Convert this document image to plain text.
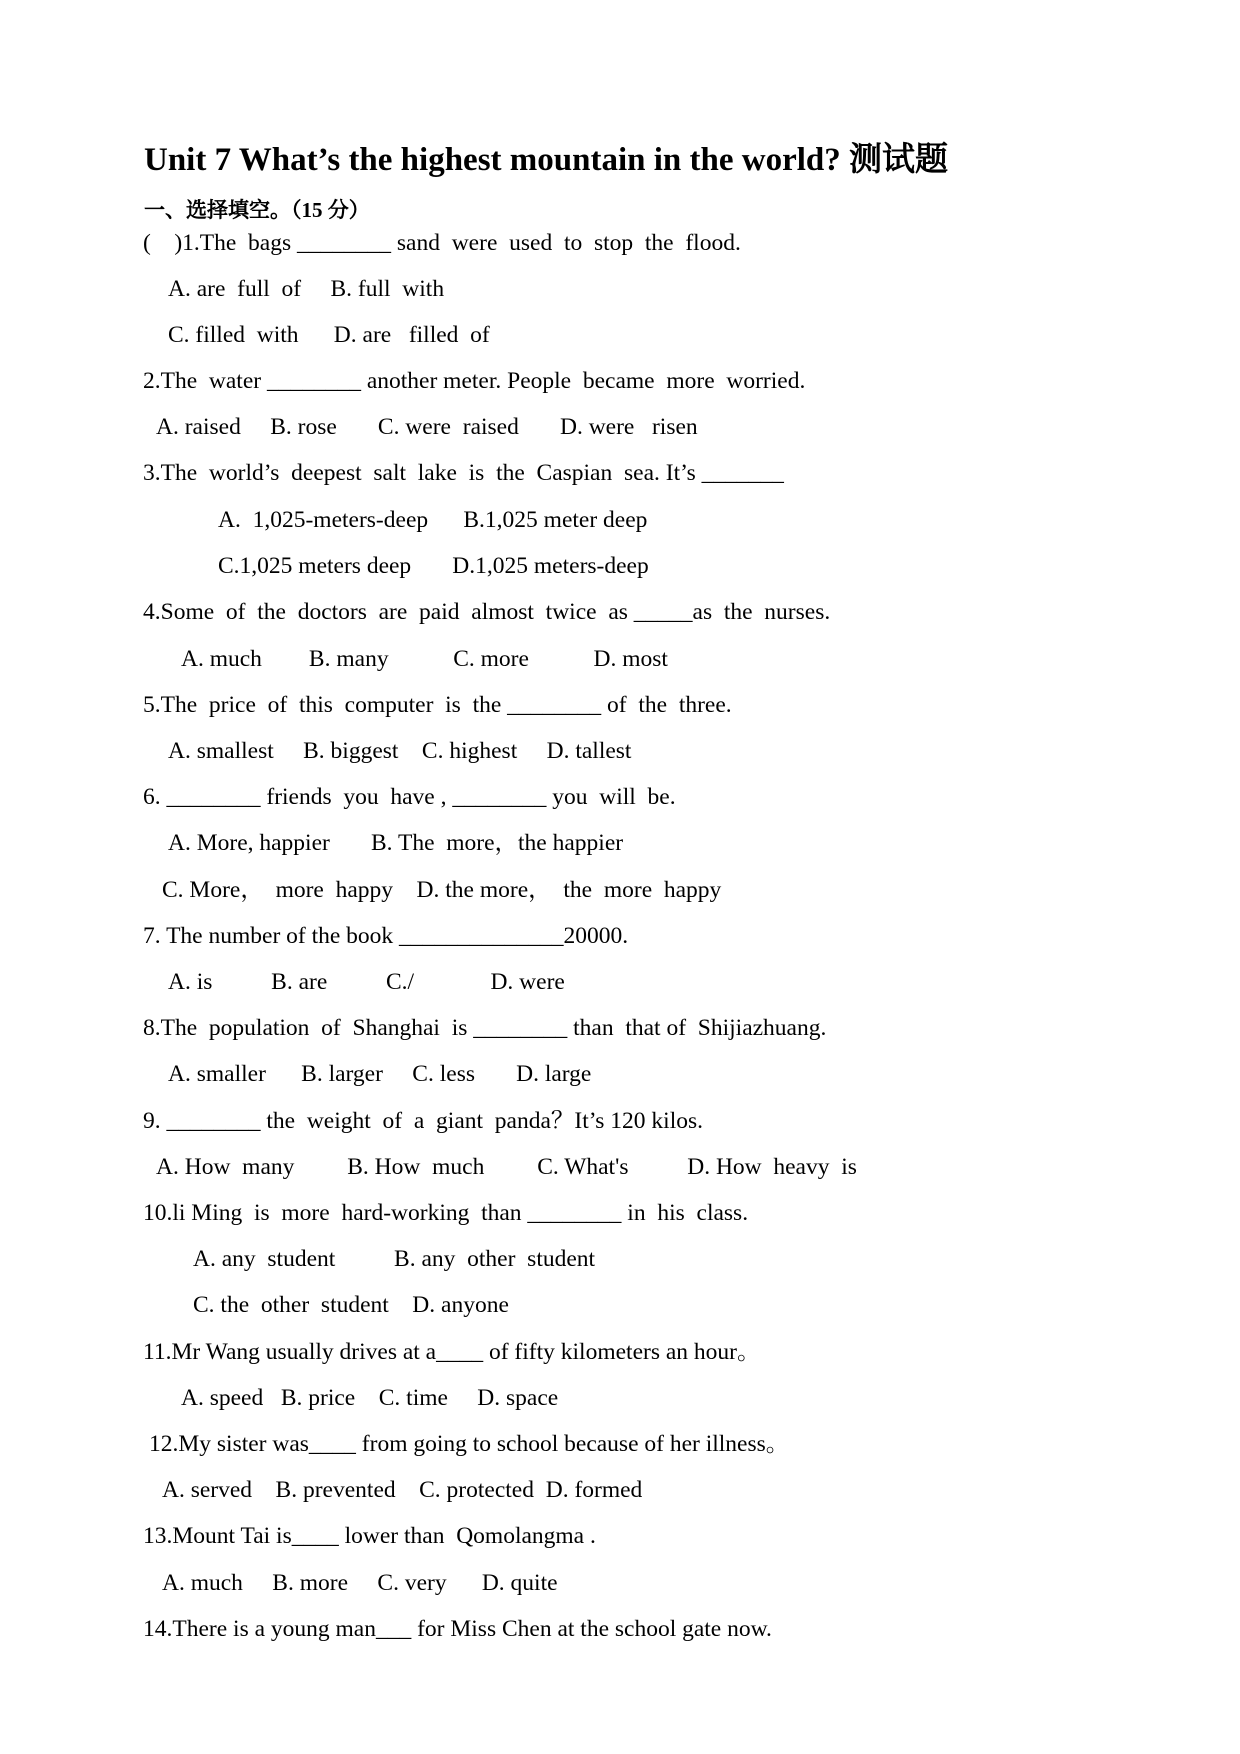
Unit 7 What’s the highest mountain in the world? 测试题
一、选择填空。（15 分）

(    )1.The  bags ________ sand  were  used  to  stop  the  flood.

A. are  full  of     B. full  with

C. filled  with      D. are   filled  of

2.The  water ________ another meter. People  became  more  worried.

A. raised     B. rose       C. were  raised       D. were   risen

3.The  world’s  deepest  salt  lake  is  the  Caspian  sea. It’s _______

A.  1,025-meters-deep      B.1,025 meter deep

C.1,025 meters deep       D.1,025 meters-deep

4.Some  of  the  doctors  are  paid  almost  twice  as _____as  the  nurses.

A. much        B. many           C. more           D. most

5.The  price  of  this  computer  is  the ________ of  the  three.

A. smallest     B. biggest    C. highest     D. tallest

6. ________ friends  you  have , ________ you  will  be.

A. More, happier       B. The  more，the happier

C. More，  more  happy    D. the more，  the  more  happy

7. The number of the book ______________20000.

A. is          B. are          C./             D. were

8.The  population  of  Shanghai  is ________ than  that of  Shijiazhuang.

A. smaller      B. larger     C. less       D. large

9. ________ the  weight  of  a  giant  panda？It’s 120 kilos.

A. How  many         B. How  much         C. What's          D. How  heavy  is

10.li Ming  is  more  hard-working  than ________ in  his  class.

A. any  student          B. any  other  student

C. the  other  student    D. anyone

11.Mr Wang usually drives at a____ of fifty kilometers an hour。

A. speed   B. price    C. time     D. space

12.My sister was____ from going to school because of her illness。

A. served    B. prevented    C. protected  D. formed

13.Mount Tai is____ lower than  Qomolangma .

A. much     B. more     C. very      D. quite

14.There is a young man___ for Miss Chen at the school gate now.
